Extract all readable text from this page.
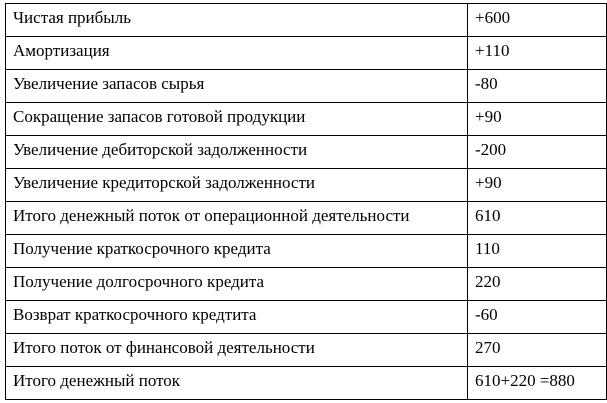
Чистая прибыль	+600
Амортизация	+110
Увеличение запасов сырья	-80
Сокращение запасов готовой продукции	+90
Увеличение дебиторской задолженности	-200
Увеличение кредиторской задолженности	+90
Итого денежный поток от операционной деятельности	610
Получение краткосрочного кредита	110
Получение долгосрочного кредита	220
Возврат краткосрочного кредтита	-60
Итого поток от финансовой деятельности	270
Итого денежный поток	610+220 =880
